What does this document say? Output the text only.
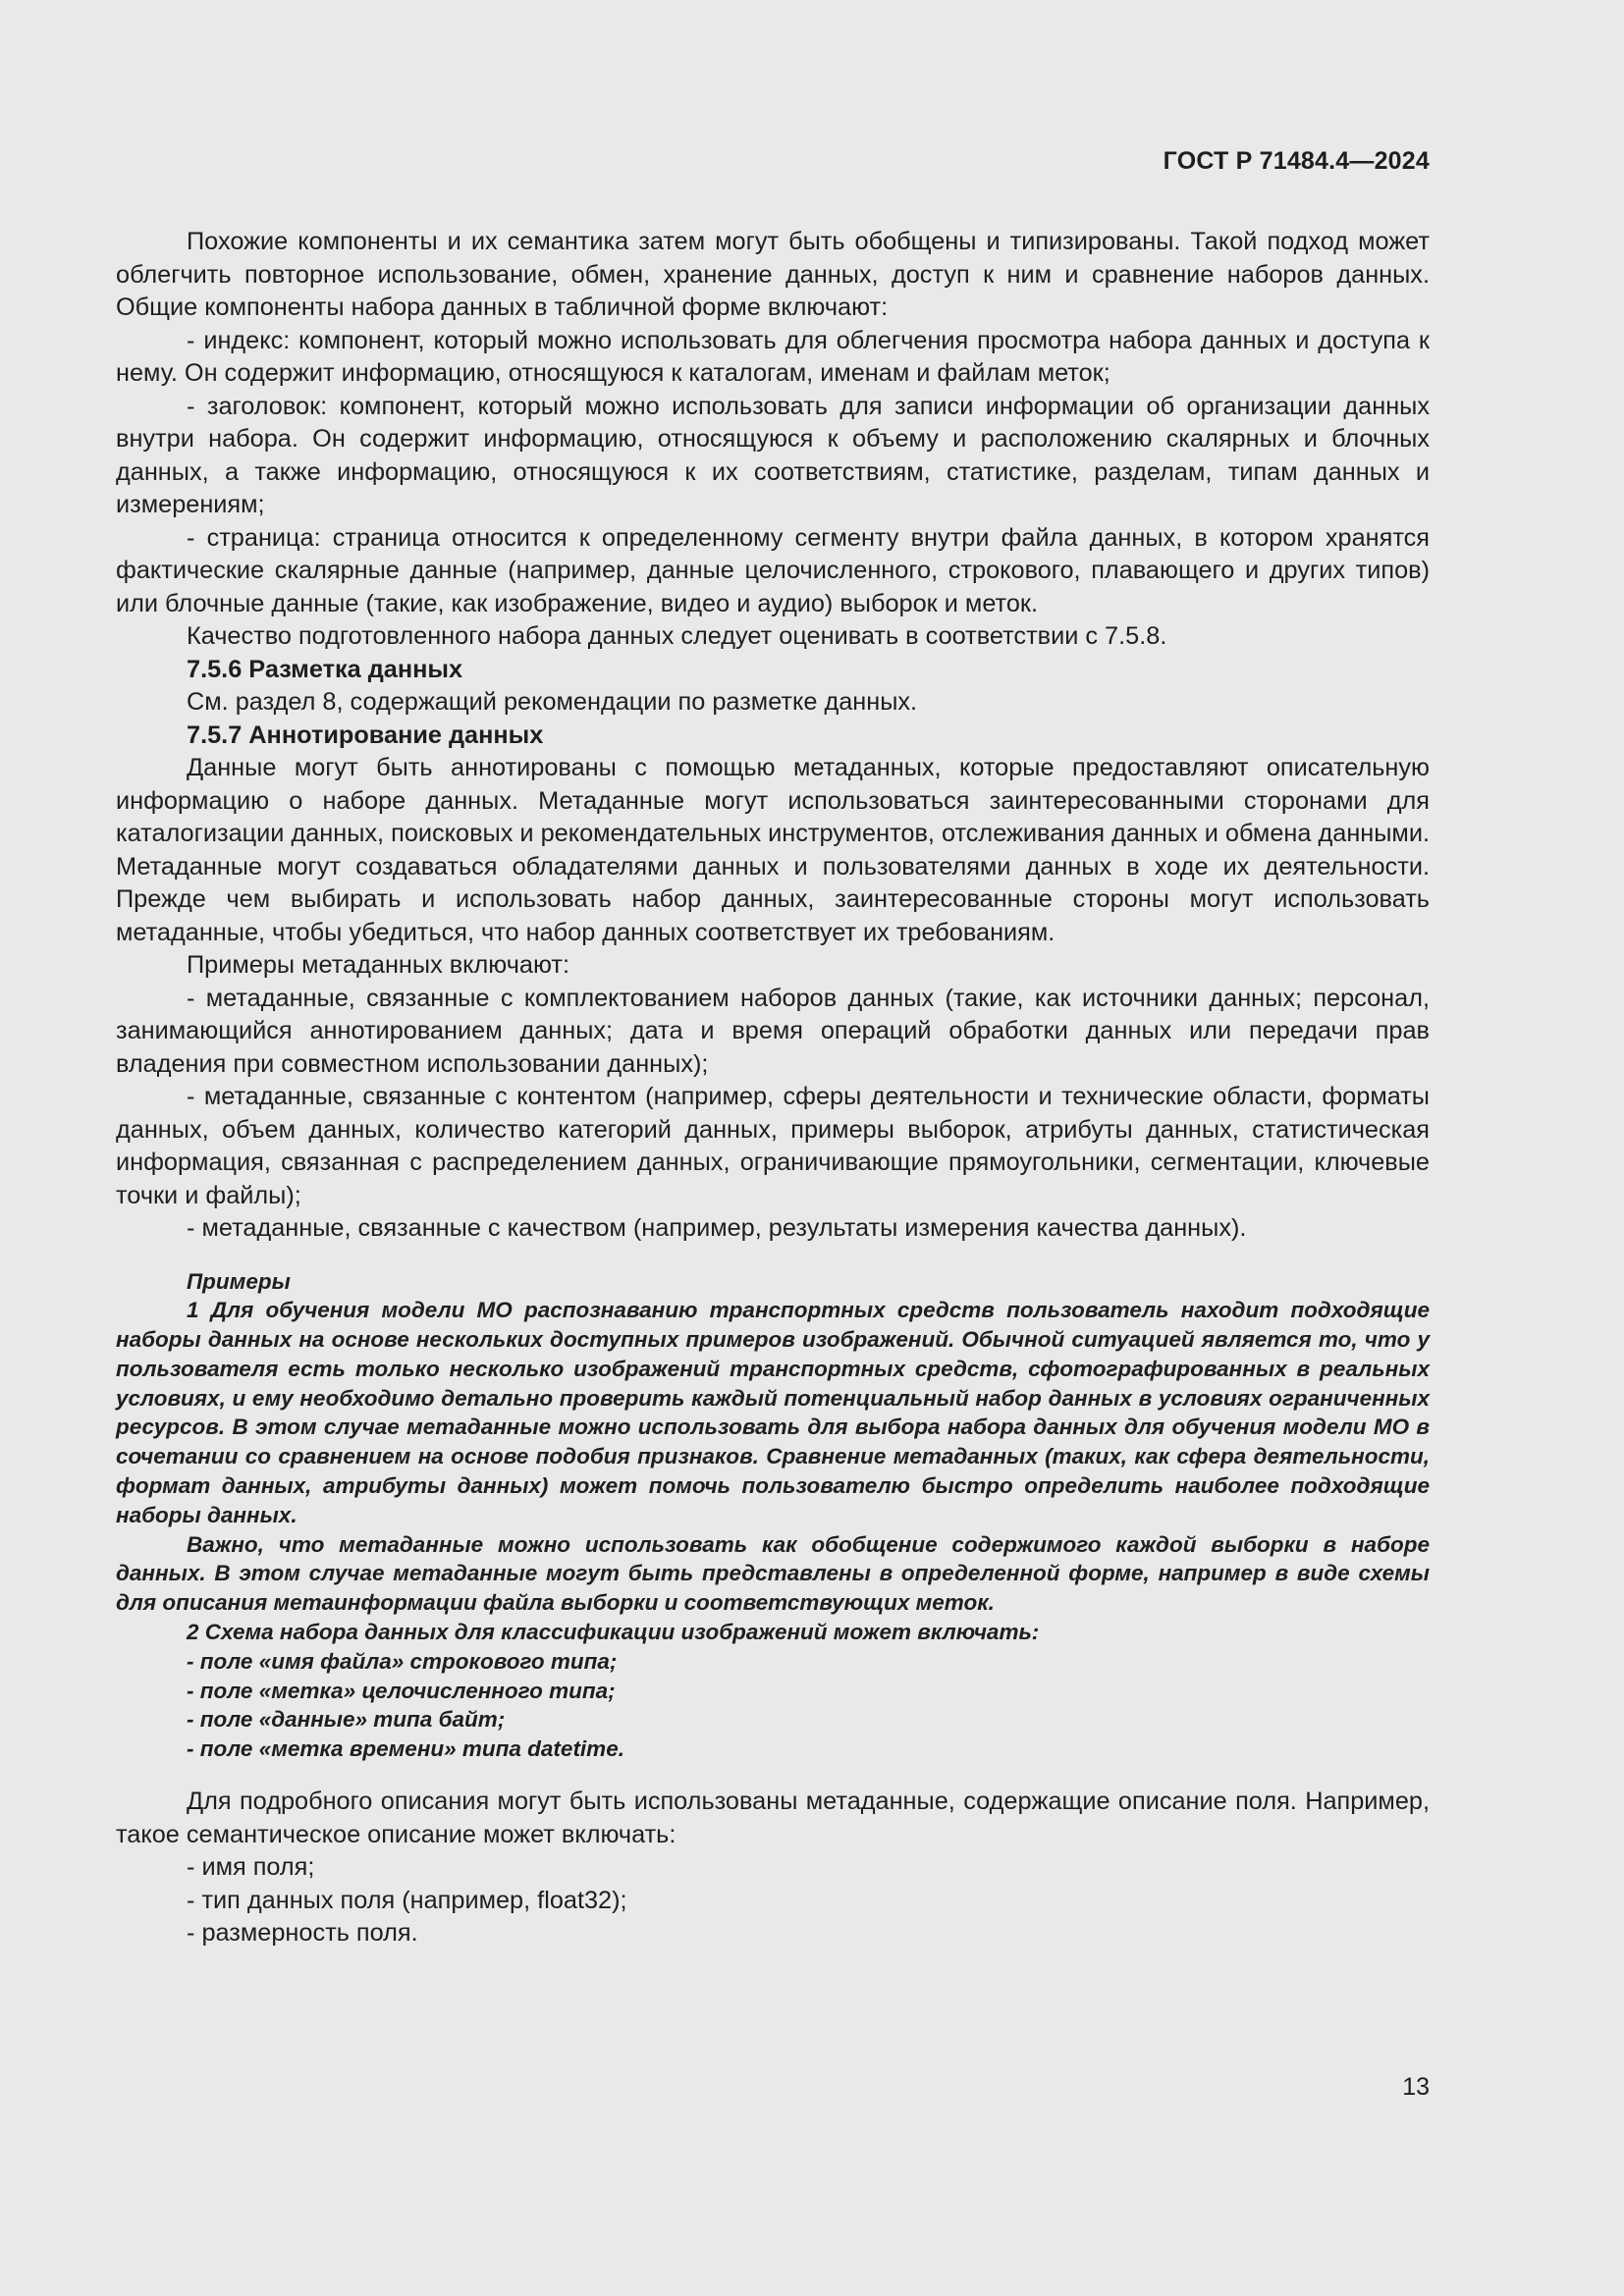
ГОСТ Р 71484.4—2024

Похожие компоненты и их семантика затем могут быть обобщены и типизированы. Такой подход может облегчить повторное использование, обмен, хранение данных, доступ к ним и сравнение наборов данных. Общие компоненты набора данных в табличной форме включают:

- индекс: компонент, который можно использовать для облегчения просмотра набора данных и доступа к нему. Он содержит информацию, относящуюся к каталогам, именам и файлам меток;

- заголовок: компонент, который можно использовать для записи информации об организации данных внутри набора. Он содержит информацию, относящуюся к объему и расположению скалярных и блочных данных, а также информацию, относящуюся к их соответствиям, статистике, разделам, типам данных и измерениям;

- страница: страница относится к определенному сегменту внутри файла данных, в котором хранятся фактические скалярные данные (например, данные целочисленного, строкового, плавающего и других типов) или блочные данные (такие, как изображение, видео и аудио) выборок и меток.

Качество подготовленного набора данных следует оценивать в соответствии с 7.5.8.

7.5.6 Разметка данных

См. раздел 8, содержащий рекомендации по разметке данных.

7.5.7 Аннотирование данных

Данные могут быть аннотированы с помощью метаданных, которые предоставляют описательную информацию о наборе данных. Метаданные могут использоваться заинтересованными сторонами для каталогизации данных, поисковых и рекомендательных инструментов, отслеживания данных и обмена данными. Метаданные могут создаваться обладателями данных и пользователями данных в ходе их деятельности. Прежде чем выбирать и использовать набор данных, заинтересованные стороны могут использовать метаданные, чтобы убедиться, что набор данных соответствует их требованиям.

Примеры метаданных включают:

- метаданные, связанные с комплектованием наборов данных (такие, как источники данных; персонал, занимающийся аннотированием данных; дата и время операций обработки данных или передачи прав владения при совместном использовании данных);

- метаданные, связанные с контентом (например, сферы деятельности и технические области, форматы данных, объем данных, количество категорий данных, примеры выборок, атрибуты данных, статистическая информация, связанная с распределением данных, ограничивающие прямоугольники, сегментации, ключевые точки и файлы);

- метаданные, связанные с качеством (например, результаты измерения качества данных).

Примеры

1 Для обучения модели МО распознаванию транспортных средств пользователь находит подходящие наборы данных на основе нескольких доступных примеров изображений. Обычной ситуацией является то, что у пользователя есть только несколько изображений транспортных средств, сфотографированных в реальных условиях, и ему необходимо детально проверить каждый потенциальный набор данных в условиях ограниченных ресурсов. В этом случае метаданные можно использовать для выбора набора данных для обучения модели МО в сочетании со сравнением на основе подобия признаков. Сравнение метаданных (таких, как сфера деятельности, формат данных, атрибуты данных) может помочь пользователю быстро определить наиболее подходящие наборы данных.

Важно, что метаданные можно использовать как обобщение содержимого каждой выборки в наборе данных. В этом случае метаданные могут быть представлены в определенной форме, например в виде схемы для описания метаинформации файла выборки и соответствующих меток.

2 Схема набора данных для классификации изображений может включать:

- поле «имя файла» строкового типа;

- поле «метка» целочисленного типа;

- поле «данные» типа байт;

- поле «метка времени» типа datetime.

Для подробного описания могут быть использованы метаданные, содержащие описание поля. Например, такое семантическое описание может включать:

- имя поля;

- тип данных поля (например, float32);

- размерность поля.

13
